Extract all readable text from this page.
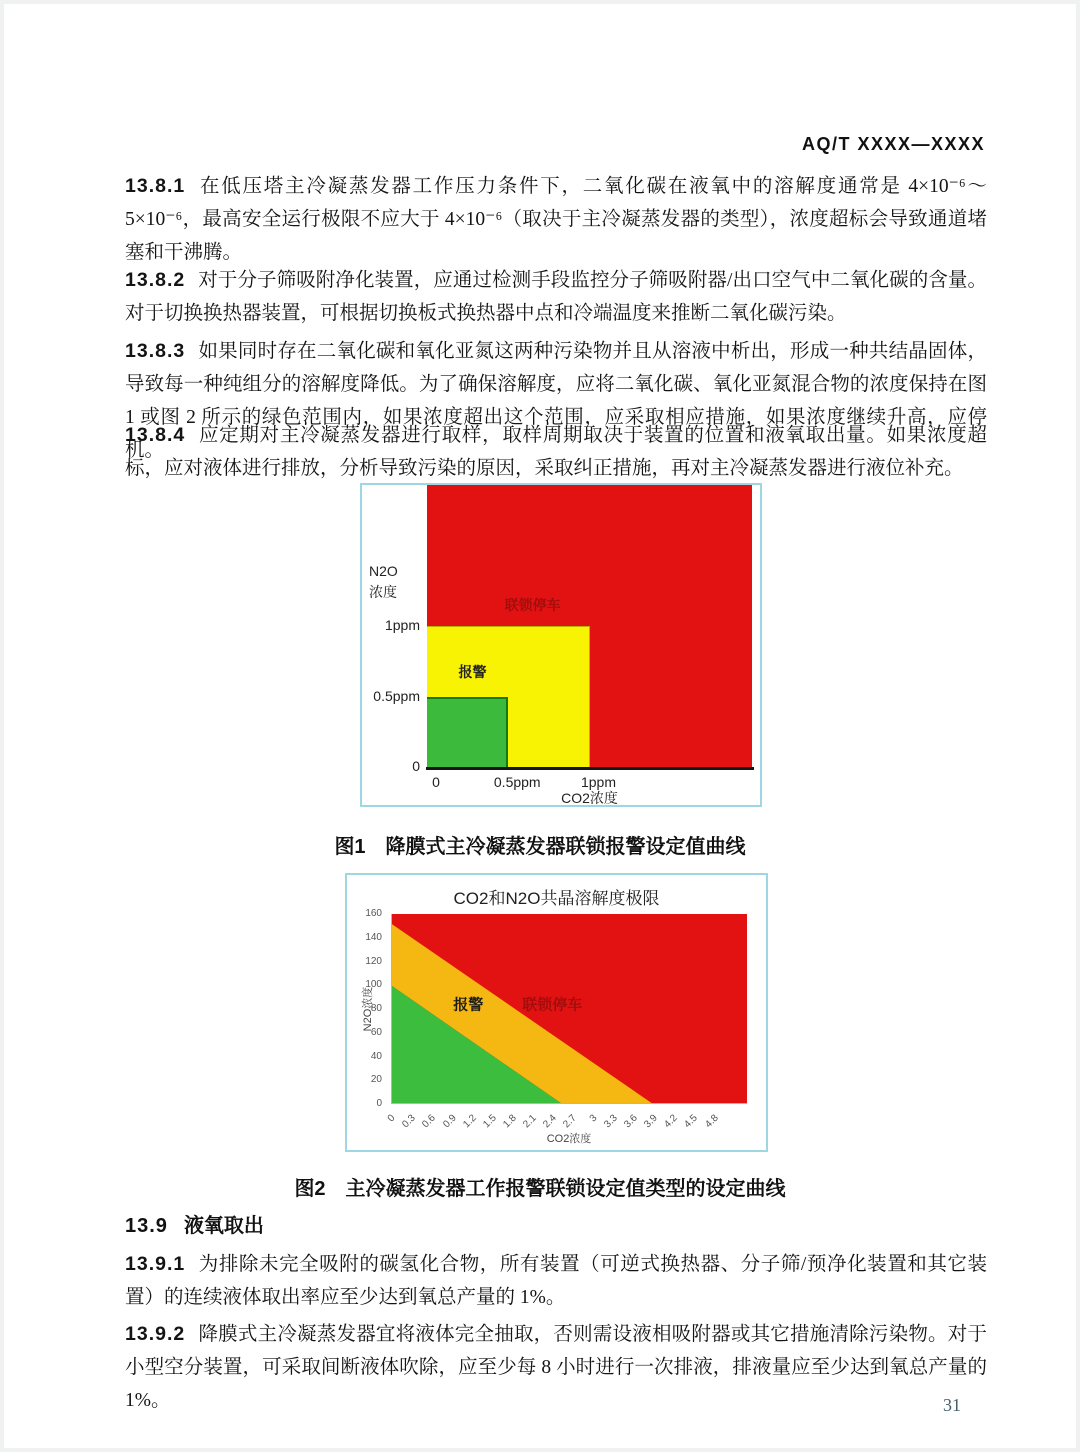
AQ/T XXXX—XXXX
13.8.1 在低压塔主冷凝蒸发器工作压力条件下，二氧化碳在液氧中的溶解度通常是 4×10⁻⁶～5×10⁻⁶，最高安全运行极限不应大于 4×10⁻⁶（取决于主冷凝蒸发器的类型），浓度超标会导致通道堵塞和干沸腾。
13.8.2 对于分子筛吸附净化装置，应通过检测手段监控分子筛吸附器/出口空气中二氧化碳的含量。对于切换换热器装置，可根据切换板式换热器中点和冷端温度来推断二氧化碳污染。
13.8.3 如果同时存在二氧化碳和氧化亚氮这两种污染物并且从溶液中析出，形成一种共结晶固体，导致每一种纯组分的溶解度降低。为了确保溶解度，应将二氧化碳、氧化亚氮混合物的浓度保持在图 1 或图 2 所示的绿色范围内，如果浓度超出这个范围，应采取相应措施，如果浓度继续升高，应停机。
13.8.4 应定期对主冷凝蒸发器进行取样，取样周期取决于装置的位置和液氧取出量。如果浓度超标，应对液体进行排放，分析导致污染的原因，采取纠正措施，再对主冷凝蒸发器进行液位补充。
N2O
浓度
报警
联锁停车
0
0.5ppm
1ppm
0	0.5ppm	1ppm
CO2浓度
图1　降膜式主冷凝蒸发器联锁报警设定值曲线
CO2和N2O共晶溶解度极限
N2O浓度	报警	联锁停车
0
20
40
60
80
100
120
140
160
0 0.3 0.6 0.9 1.2 1.5 1.8 2.1 2.4 2.7 3 3.3 3.6 3.9 4.2 4.5 4.8
CO2浓度
图2　主冷凝蒸发器工作报警联锁设定值类型的设定曲线
13.9 液氧取出
13.9.1 为排除未完全吸附的碳氢化合物，所有装置（可逆式换热器、分子筛/预净化装置和其它装置）的连续液体取出率应至少达到氧总产量的 1%。
13.9.2 降膜式主冷凝蒸发器宜将液体完全抽取，否则需设液相吸附器或其它措施清除污染物。对于小型空分装置，可采取间断液体吹除，应至少每 8 小时进行一次排液，排液量应至少达到氧总产量的 1%。	31
